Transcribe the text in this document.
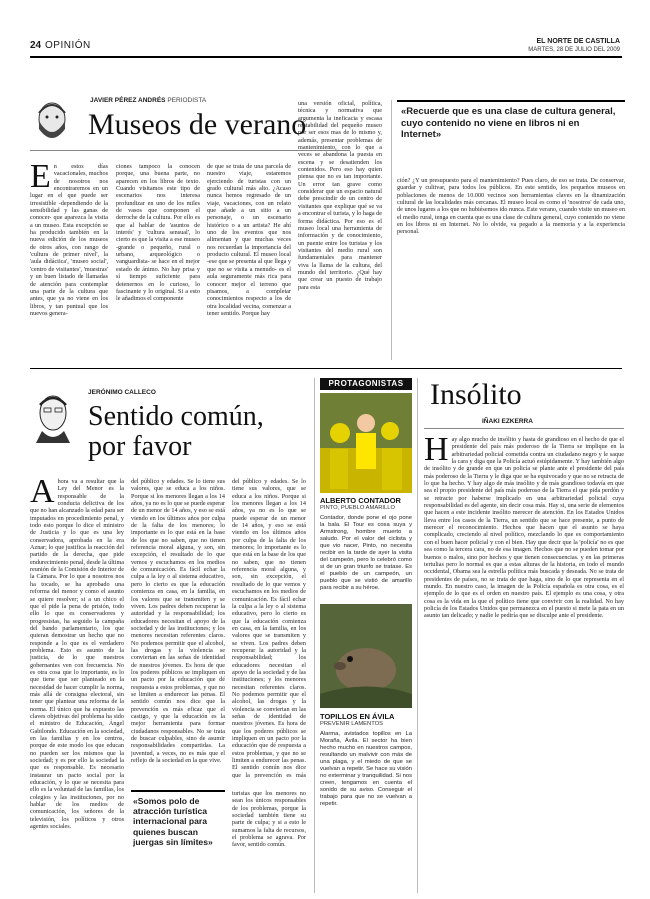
24 OPINIÓN	EL NORTE DE CASTILLA
MARTES, 28 DE JULIO DEL 2009
JAVIER PÉREZ ANDRÉS PERIODISTA
Museos de verano
En estos días vacacionales, muchos de nosotros nos encontraremos en un lugar en el que puede ser irresistible -dependiendo de la sensibilidad y las ganas de conocer- que aparezca la visita a un museo. Esta excepción se ha producido también en la nueva edición de los museos de otros años, con rango de 'cultura de primer nivel', la 'aula didáctica', 'museo social', 'centro de visitantes', 'muestras' y un buen listado de llamadas de atención para contemplar una parte de la cultura que antes, que ya no viene en los libros, y tan puntual que los nuevos genera-
ciones tampoco la conocen porque, una buena parte, no aparecen en los libros de texto. Cuando visitamos este tipo de escenarios nos interesa profundizar en uno de los miles de vasos que componen el derroche de la cultura. Por ello es que al hablar de 'asuntos de interés' y 'cultura sensual', lo cierto es que la visita a ese museo -grande o pequeño, rural o urbano, arqueológico o vanguardista- se hace en el mejor estado de ánimo. No hay prisa y sí tiempo suficiente para detenernos en lo curioso, lo fascinante y lo original. Si a esto le añadimos el componente
de que se trata de una parcela de nuestro viaje, estaremos ejerciendo de turistas con un grado cultural más alto. ¿Acaso nunca hemos regresado de un viaje, vacaciones, con un relato que añade a un sitio a un personaje, o un escenario histórico o a un artista? He ahí uno de los eventos que nos alimentan y que muchas veces nos recuerdan la importancia del producto cultural. El museo local -ese que se presenta al que llega y que no se visita a menudo- es el aula seguramente más rica para conocer mejor el terreno que pisamos, a completar conocimientos respecto a los de otra localidad vecina, comenzar a tener sentido. Porque hay
una versión oficial, política, técnica y normativa que argumenta la ineficacia y escasa rentabilidad del pequeño museo por ser esos mas de lo mismo y, además, presentar problemas de mantenimiento, con lo que a veces se abandona la puesta en escena y se desatienden los contenidos. Pero eso hay quien piensa que no es tan importante. Un error tan grave como considerar que un espacio natural debe prescindir de un centro de visitantes que explique qué se va a encontrar el turista, y lo haga de forma didáctica. Por eso es el museo local una herramienta de información y de conocimiento, un puente entre los turistas y los visitantes del medio rural son fundamentales para mantener viva la llama de la cultura, del mundo del territorio. ¿Qué hay que crear un puesto de trabajo para esta

«Recuerde que es una clase de cultura general, cuyo contenido no viene en libros ni en Internet»

ción? ¿Y un presupuesto para el mantenimiento? Pues claro, de eso se trata. De conservar, guardar y cultivar, para todos los públicos. En este sentido, los pequeños museos en poblaciones de menos de 10.000 vecinos son herramientas claves en la dinamización cultural de las localidades más cercanas. El museo local es como el 'nosotros' de cada uno, de unos lugares a los que no hubiésemos ido nunca. Este verano, cuando visite un museo en el medio rural, tenga en cuenta que es una clase de cultura general, cuyo contenido no viene en los libros ni en Internet. No lo olvide, va pegado a la memoria y a la experiencia personal.
JERÓNIMO CALLECO
Sentido común,
por favor
Ahora va a resultar que la Ley del Menor es la responsable de la conducta delictiva de los que no han alcanzado la edad para ser imputados en procedimiento penal, y todo esto porque lo dice el ministro de Justicia y lo que es una ley conservadora, aprobada en la era Aznar; lo que justifica la reacción del partido de la derecha, que pide endurecimiento penal, desde la última reunión de la Comisión de Interior de la Cámara. Por lo que a nosotros nos ha tocado, se ha aprobado una reforma del menor y como el asunto se quiere resolver; si a un chico el que el pide la pena de prisión, todo ello lo que es conservadores y progresistas, ha seguido la campaña del bando parlamentario, los que quieran demostrar un hecho que no responde a lo que es el verdadero problema. Esto es asunto de la justicia, de lo que nuestros gobernantes ven con frecuencia. No es otra cosa que lo importante, es lo que tiene que ser planteado en la necesidad de hacer cumplir la norma, más allá de consigna electoral, sin tener que plantear una reforma de la norma. El único que ha expuesto las claves objetivas del problema ha sido el ministro de Educación, Ángel Gabilondo. Educación en la sociedad, en las familias y en los centros, porque de este modo los que educan no pueden ser los mismos que la sociedad; y es por ello la sociedad la que es responsable. Es necesario instaurar un pacto social por la educación, y lo que se necesita para ello es la voluntad de las familias, los colegios y las instituciones, por no hablar de los medios de comunicación, los señores de la televisión, los políticos y otros agentes sociales.
del público y edades. Se lo tiene sus valores, que se educa a los niños. Porque si los menores llegan a los 14 años, ya no es lo que se puede esperar de un menor de 14 años, y eso se está viendo en los últimos años por culpa de la falta de los menores; lo importante es lo que está en la base de los que no saben, que no tienen referencia moral alguna, y son, sin excepción, el resultado de lo que vemos y escuchamos en los medios de comunicación. Es fácil echar la culpa a la ley o al sistema educativo, pero lo cierto es que la educación comienza en casa, en la familia, en los valores que se transmiten y se viven. Los padres deben recuperar la autoridad y la responsabilidad; los educadores necesitan el apoyo de la sociedad y de las instituciones; y los menores necesitan referentes claros. No podemos permitir que el alcohol, las drogas y la violencia se conviertan en las señas de identidad de nuestros jóvenes. Es hora de que los poderes públicos se impliquen en un pacto por la educación que dé respuesta a estos problemas, y que no se limiten a endurecer las penas. El sentido común nos dice que la prevención es más eficaz que el castigo, y que la educación es la mejor herramienta para formar ciudadanos responsables. No se trata de buscar culpables, sino de asumir responsabilidades compartidas. La juventud, a veces, no es más que el reflejo de la sociedad en la que vive.
turistas que los menores no sean los únicos responsables de los problemas, porque la sociedad también tiene su parte de culpa; y si a esto le sumamos la falta de recursos, el problema se agrava. Por favor, sentido común.
del público y edades. Se lo tiene sus valores, que se educa a los niños. Porque si los menores llegan a los 14 años, ya no es lo que se puede esperar de un menor de 14 años, y eso se está viendo en los últimos años por culpa de la falta de los menores; lo importante es lo que está en la base de los que no saben, que no tienen referencia moral alguna, y son, sin excepción, el resultado de lo que vemos y escuchamos en los medios de comunicación. Es fácil echar la culpa a la ley o al sistema educativo, pero lo cierto es que la educación comienza en casa, en la familia, en los valores que se transmiten y se viven. Los padres deben recuperar la autoridad y la responsabilidad; los educadores necesitan el apoyo de la sociedad y de las instituciones; y los menores necesitan referentes claros. No podemos permitir que el alcohol, las drogas y la violencia se conviertan en las señas de identidad de nuestros jóvenes. Es hora de que los poderes públicos se impliquen en un pacto por la educación que dé respuesta a estos problemas, y que no se limiten a endurecer las penas. El sentido común nos dice que la prevención es más

«Somos polo de atracción turística internacional para quienes buscan juergas sin límites»

PROTAGONISTAS
ALBERTO CONTADOR
PINTO, PUEBLO AMARILLO
Contador, donde pone el ojo pone la bala. El Tour es cosa suya y Armstrong, hombre muerto a saludo. Por el valor del ciclista y que vio nacer, Pinto, no necesita recibir en la tarde de ayer la visita del campeón, pero lo celebró como si de un gran triunfo se tratase. Es el pueblo de un campeón, un pueblo que se vistió de amarillo para recibir a su héroe.
TOPILLOS EN ÁVILA
PREVENIR LAMENTOS
Alarma, avistados topillos en La Moraña, Ávila. El sector ha bien hecho mucho en nuestros campos, resultando un malvivir con más de una plaga, y el miedo de que se vuelvan a repetir. Se hace su visión no exterminar y tranquilidad. Si nos creen, tengamos en cuenta el sonido de su aviso. Conseguir el trabajo para que no se vuelvan a repetir.
Insólito
IÑAKI EZKERRA
Hay algo mucho de insólito y hasta de grandioso en el hecho de que el presidente del país más poderoso de la Tierra se implique en la arbitrariedad policial cometida contra un ciudadano negro y le saque la cara y diga que la Policía actuó estúpidamente. Y hay también algo de insólito y de grande en que un policía se plante ante el presidente del país más poderoso de la Tierra y le diga que se ha equivocado y que no se retracta de lo que ha hecho. Y hay algo de más insólito y de más grandioso todavía en que sea el propio presidente del país más poderoso de la Tierra el que pida perdón y se retracte por haberse implicado en una arbitrariedad policial cuya responsabilidad es del agente, sin decir cosa más. Hay si, una serie de elementos que hacen a este incidente insólito merecer de atención. En los Estados Unidos lleva entre los casos de la Tierra, un sentido que se hace presente, a punto de merecer el reconocimiento. Hechos que hacen que el asunto se haya complicado, creciendo al nivel político, mezclando lo que es comportamiento con el buen hacer policial y con el bien. Hay que decir que la 'policía' no es que sea como la tercera cara, no de esa imagen. Hechos que no se pueden tomar por buenos o malos, sino por hechos y que tienen consecuencias. y en las primeras tertulias pero lo normal es que a estas alturas de la historia, en todo el mundo occidental, Obama sea la estrella política más buscada y deseada. No se trata de presidentes de países, no se trata de que haga, sino de lo que representa en el mundo. En nuestro caso, la imagen de la Policía española es otra cosa, es el ejemplo de lo que es el orden en nuestro país. El ejemplo es una cosa, y otra cosa es la vida en la que el político tiene que convivir con la realidad. No hay policía de los Estados Unidos que permanezca en el puesto si mete la pata en un asunto tan delicado; y nadie le pediría que se disculpe ante el presidente.
